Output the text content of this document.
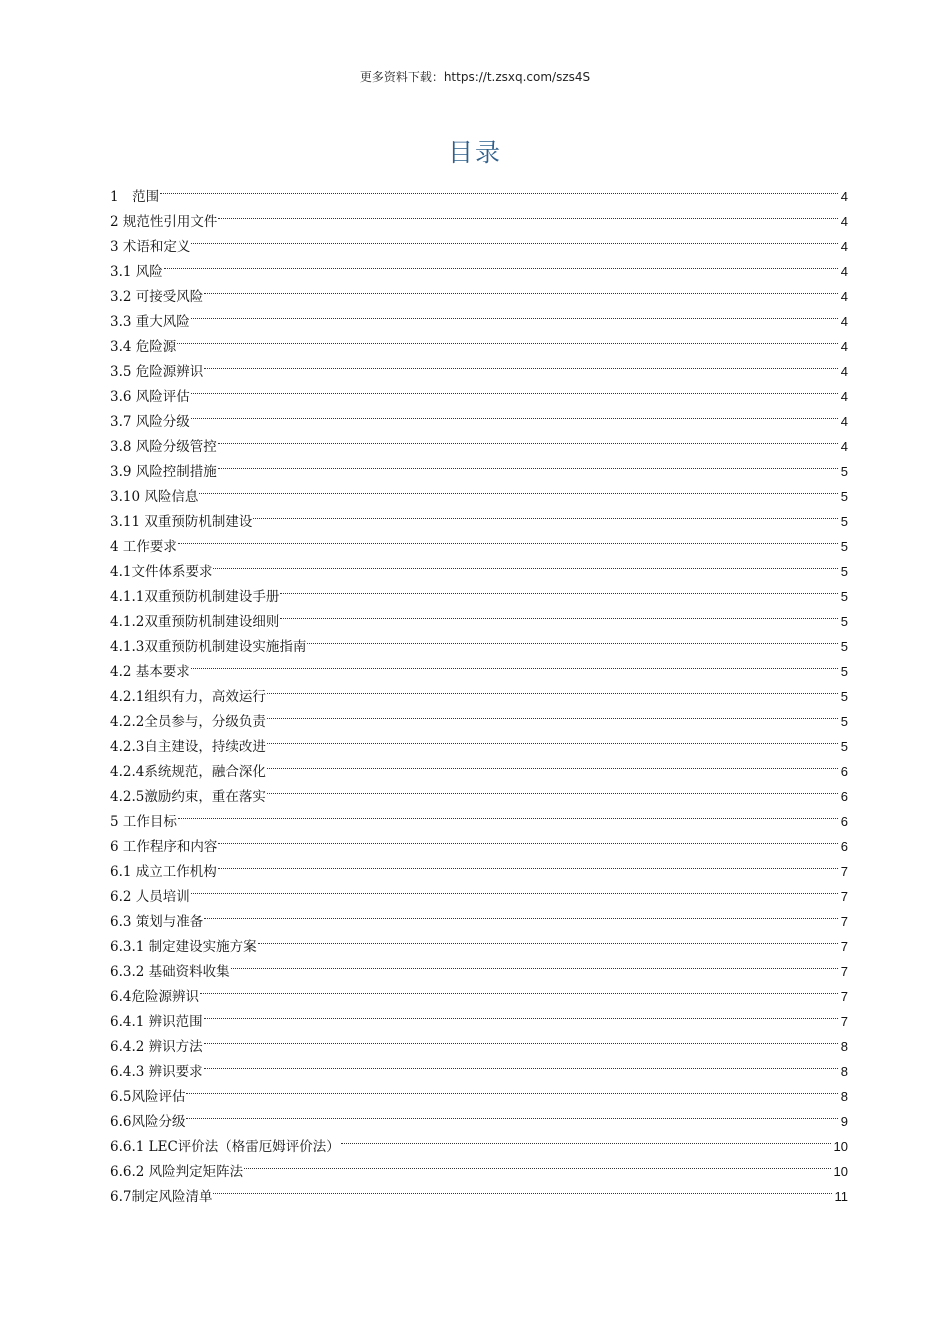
更多资料下载：https://t.zsxq.com/szs4S
目录
1　范围	4
2 规范性引用文件	4
3 术语和定义	4
3.1 风险	4
3.2 可接受风险	4
3.3 重大风险	4
3.4 危险源	4
3.5 危险源辨识	4
3.6 风险评估	4
3.7 风险分级	4
3.8 风险分级管控	4
3.9 风险控制措施	5
3.10 风险信息	5
3.11 双重预防机制建设	5
4 工作要求	5
4.1文件体系要求	5
4.1.1双重预防机制建设手册	5
4.1.2双重预防机制建设细则	5
4.1.3双重预防机制建设实施指南	5
4.2 基本要求	5
4.2.1组织有力，高效运行	5
4.2.2全员参与，分级负责	5
4.2.3自主建设，持续改进	5
4.2.4系统规范，融合深化	6
4.2.5激励约束，重在落实	6
5 工作目标	6
6 工作程序和内容	6
6.1 成立工作机构	7
6.2 人员培训	7
6.3 策划与准备	7
6.3.1 制定建设实施方案	7
6.3.2 基础资料收集	7
6.4危险源辨识	7
6.4.1 辨识范围	7
6.4.2 辨识方法	8
6.4.3 辨识要求	8
6.5风险评估	8
6.6风险分级	9
6.6.1 LEC评价法（格雷厄姆评价法）	10
6.6.2 风险判定矩阵法	10
6.7制定风险清单	11
